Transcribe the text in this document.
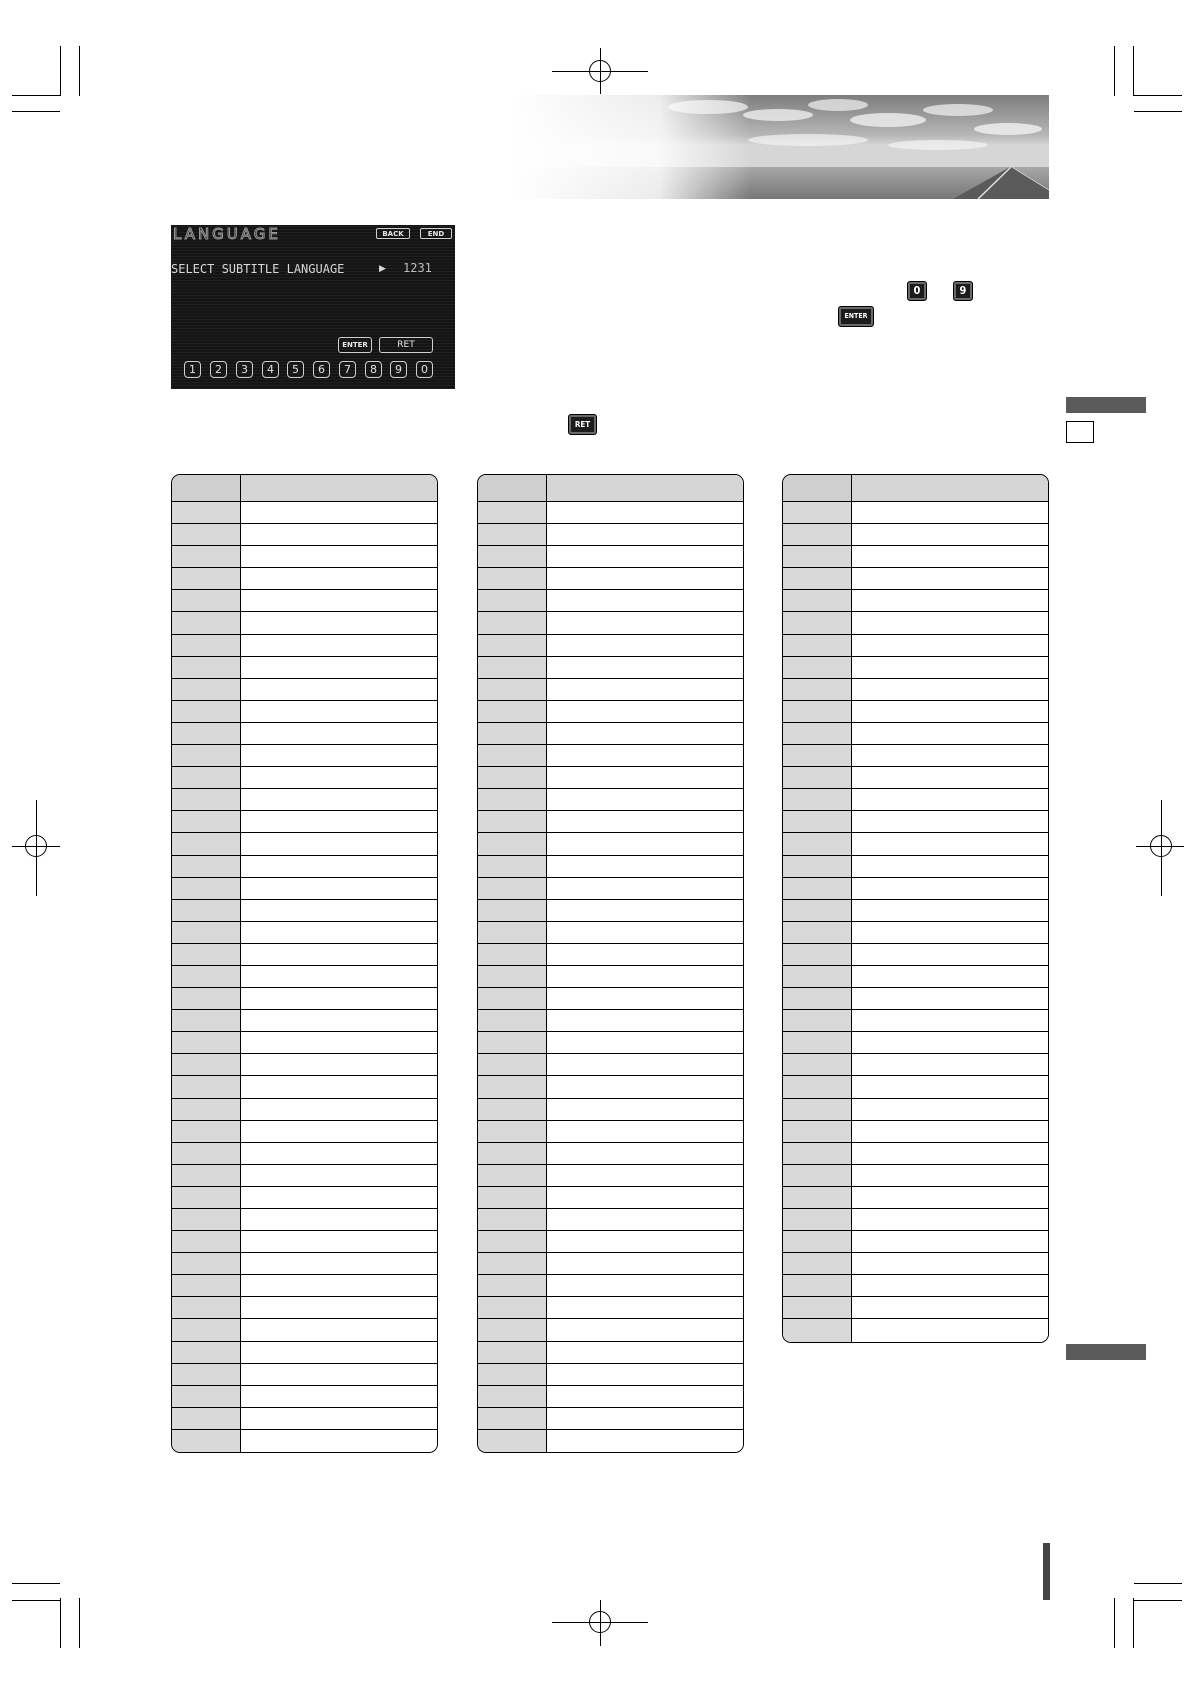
LANGUAGE	BACK	END
SELECT SUBTITLE LANGUAGE	▶ 1231
ENTER	RET
1	2	3	4	5	6	7	8	9	0
0	9
ENTER
RET
